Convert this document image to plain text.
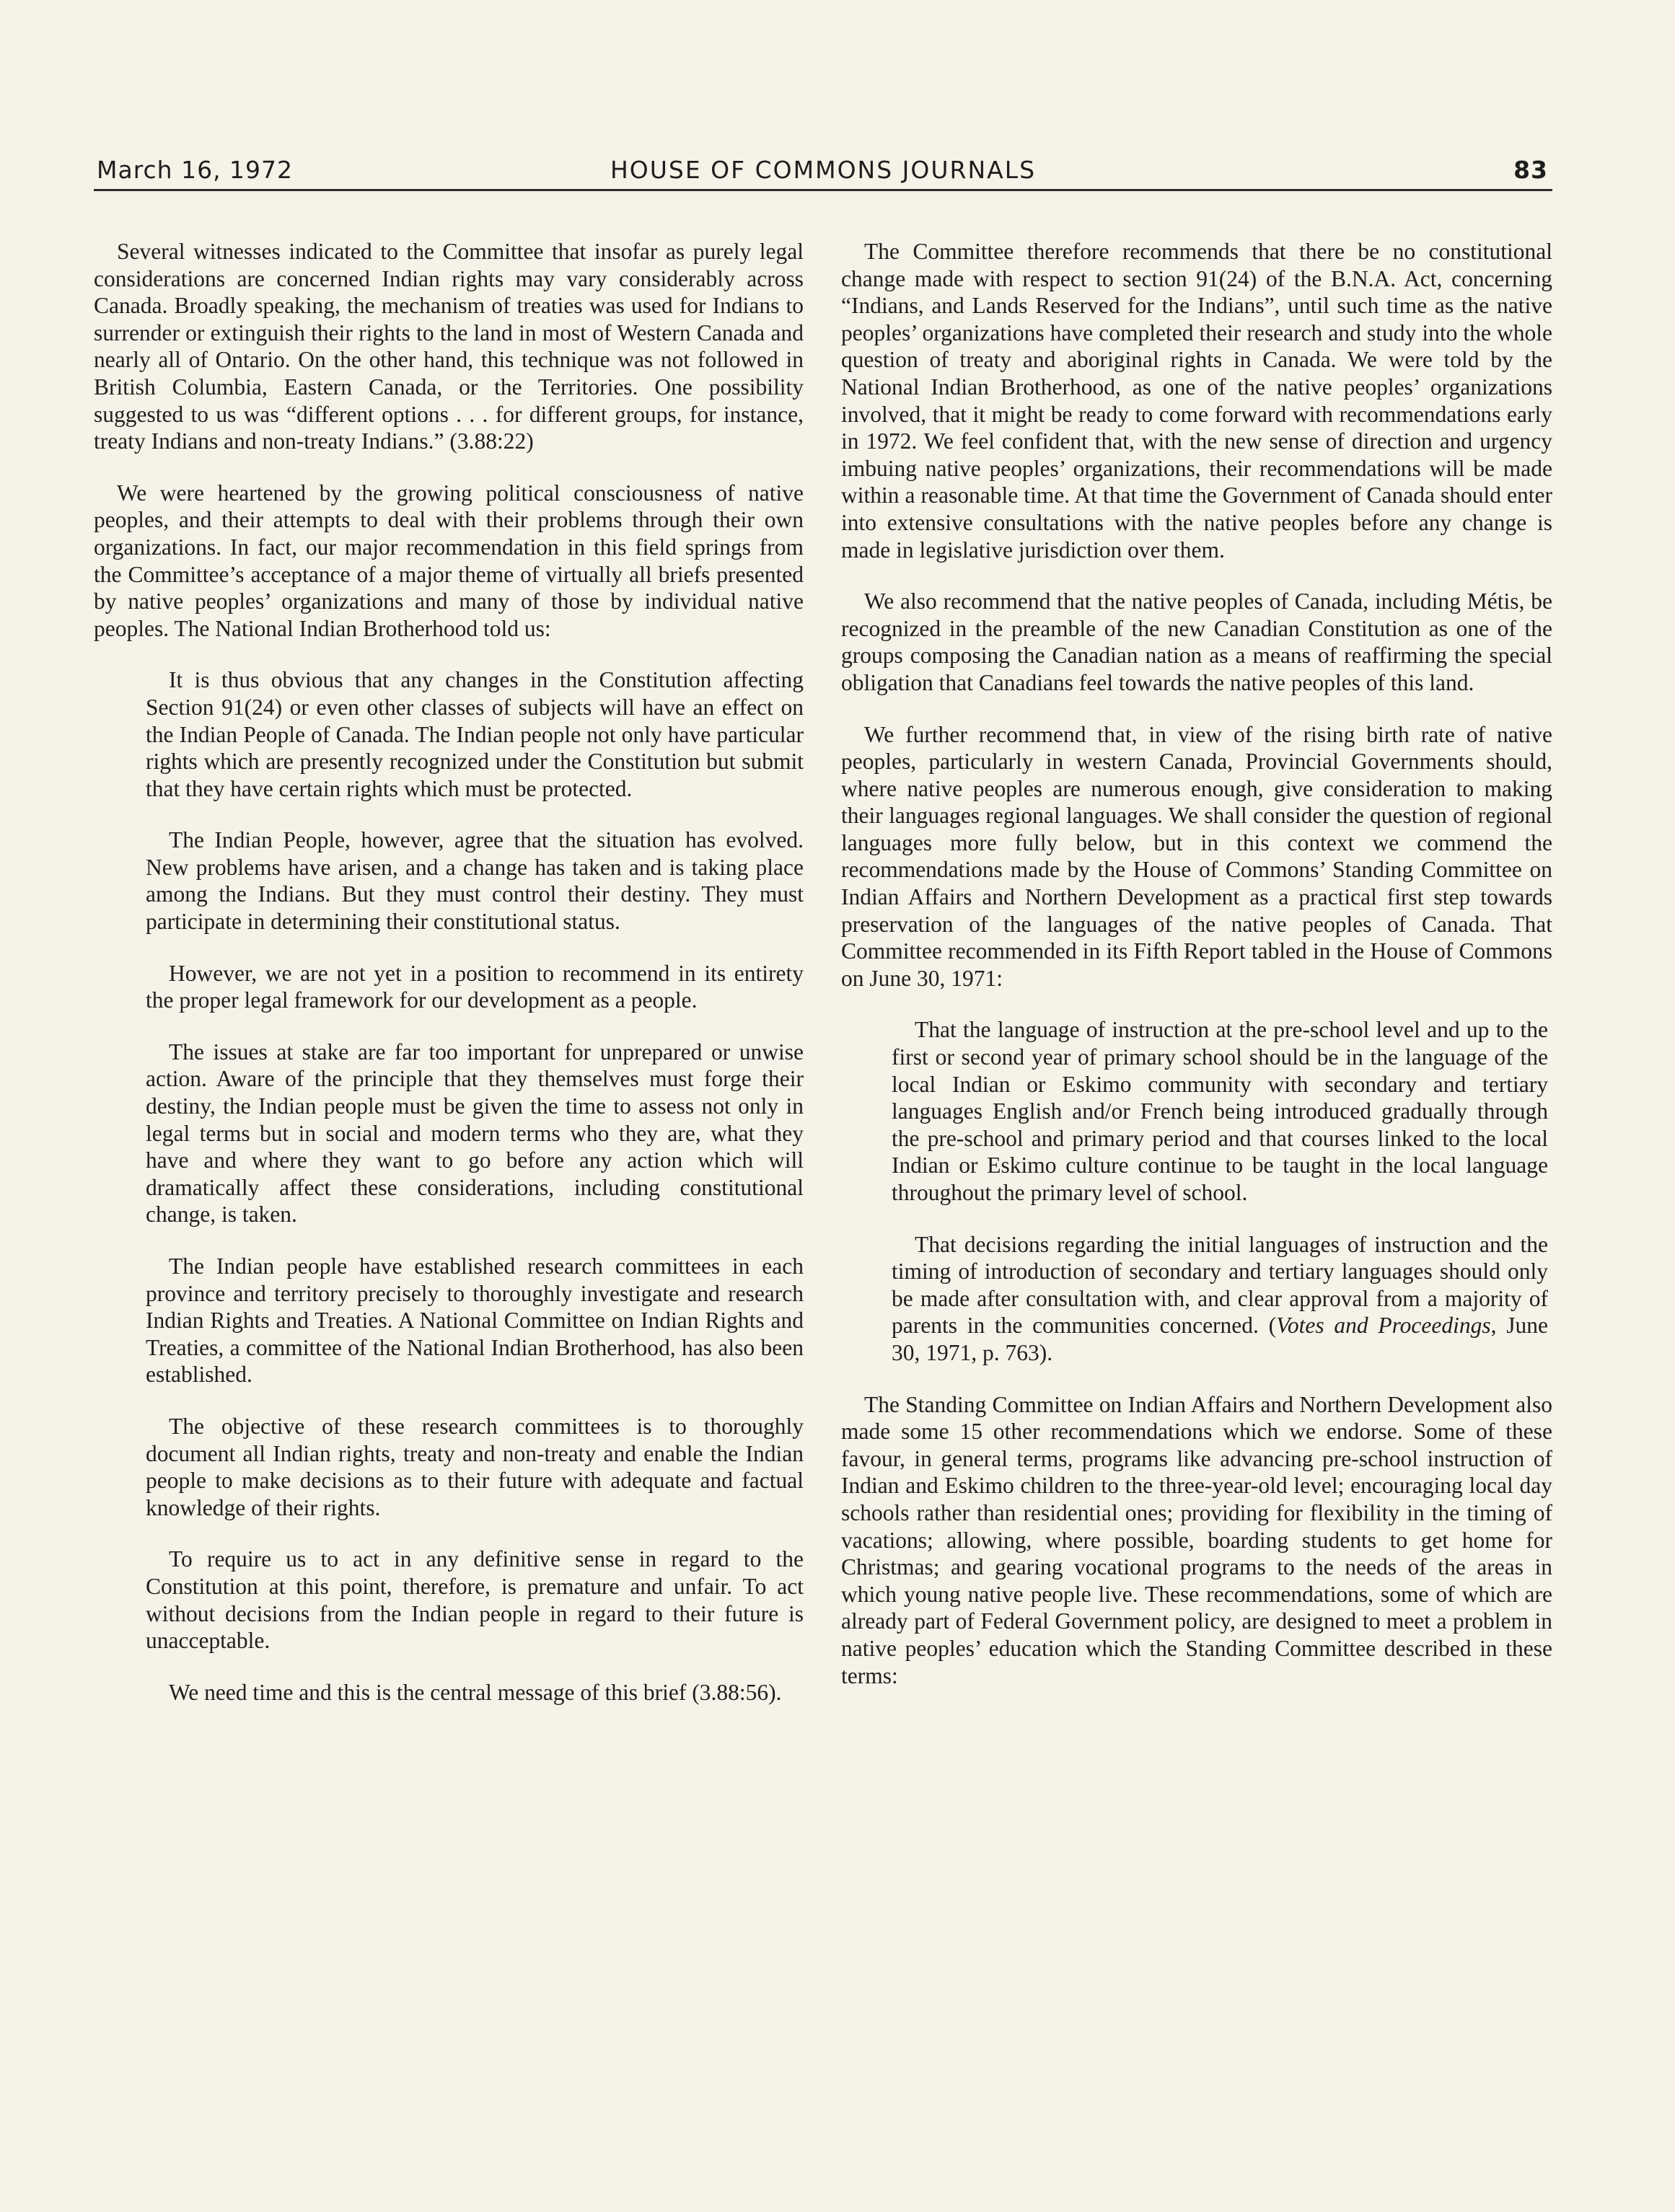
March 16, 1972	HOUSE OF COMMONS JOURNALS	83

Several witnesses indicated to the Committee that insofar as purely legal considerations are concerned Indian rights may vary considerably across Canada. Broadly speaking, the mechanism of treaties was used for Indians to surrender or extinguish their rights to the land in most of Western Canada and nearly all of Ontario. On the other hand, this technique was not followed in British Columbia, Eastern Canada, or the Territories. One possibility suggested to us was “different options . . . for different groups, for instance, treaty Indians and non-treaty Indians.” (3.88:22)

We were heartened by the growing political consciousness of native peoples, and their attempts to deal with their problems through their own organizations. In fact, our major recommendation in this field springs from the Committee’s acceptance of a major theme of virtually all briefs presented by native peoples’ organizations and many of those by individual native peoples. The National Indian Brotherhood told us:

It is thus obvious that any changes in the Constitution affecting Section 91(24) or even other classes of subjects will have an effect on the Indian People of Canada. The Indian people not only have particular rights which are presently recognized under the Constitution but submit that they have certain rights which must be protected.

The Indian People, however, agree that the situation has evolved. New problems have arisen, and a change has taken and is taking place among the Indians. But they must control their destiny. They must participate in determining their constitutional status.

However, we are not yet in a position to recommend in its entirety the proper legal framework for our development as a people.

The issues at stake are far too important for unprepared or unwise action. Aware of the principle that they themselves must forge their destiny, the Indian people must be given the time to assess not only in legal terms but in social and modern terms who they are, what they have and where they want to go before any action which will dramatically affect these considerations, including constitutional change, is taken.

The Indian people have established research committees in each province and territory precisely to thoroughly investigate and research Indian Rights and Treaties. A National Committee on Indian Rights and Treaties, a committee of the National Indian Brotherhood, has also been established.

The objective of these research committees is to thoroughly document all Indian rights, treaty and non-treaty and enable the Indian people to make decisions as to their future with adequate and factual knowledge of their rights.

To require us to act in any definitive sense in regard to the Constitution at this point, therefore, is premature and unfair. To act without decisions from the Indian people in regard to their future is unacceptable.

We need time and this is the central message of this brief (3.88:56).

The Committee therefore recommends that there be no constitutional change made with respect to section 91(24) of the B.N.A. Act, concerning “Indians, and Lands Reserved for the Indians”, until such time as the native peoples’ organizations have completed their research and study into the whole question of treaty and aboriginal rights in Canada. We were told by the National Indian Brotherhood, as one of the native peoples’ organizations involved, that it might be ready to come forward with recommendations early in 1972. We feel confident that, with the new sense of direction and urgency imbuing native peoples’ organizations, their recommendations will be made within a reasonable time. At that time the Government of Canada should enter into extensive consultations with the native peoples before any change is made in legislative jurisdiction over them.

We also recommend that the native peoples of Canada, including Métis, be recognized in the preamble of the new Canadian Constitution as one of the groups composing the Canadian nation as a means of reaffirming the special obligation that Canadians feel towards the native peoples of this land.

We further recommend that, in view of the rising birth rate of native peoples, particularly in western Canada, Provincial Governments should, where native peoples are numerous enough, give consideration to making their languages regional languages. We shall consider the question of regional languages more fully below, but in this context we commend the recommendations made by the House of Commons’ Standing Committee on Indian Affairs and Northern Development as a practical first step towards preservation of the languages of the native peoples of Canada. That Committee recommended in its Fifth Report tabled in the House of Commons on June 30, 1971:

That the language of instruction at the pre-school level and up to the first or second year of primary school should be in the language of the local Indian or Eskimo community with secondary and tertiary languages English and/or French being introduced gradually through the pre-school and primary period and that courses linked to the local Indian or Eskimo culture continue to be taught in the local language throughout the primary level of school.

That decisions regarding the initial languages of instruction and the timing of introduction of secondary and tertiary languages should only be made after consultation with, and clear approval from a majority of parents in the communities concerned. (Votes and Proceedings, June 30, 1971, p. 763).

The Standing Committee on Indian Affairs and Northern Development also made some 15 other recommendations which we endorse. Some of these favour, in general terms, programs like advancing pre-school instruction of Indian and Eskimo children to the three-year-old level; encouraging local day schools rather than residential ones; providing for flexibility in the timing of vacations; allowing, where possible, boarding students to get home for Christmas; and gearing vocational programs to the needs of the areas in which young native people live. These recommendations, some of which are already part of Federal Government policy, are designed to meet a problem in native peoples’ education which the Standing Committee described in these terms:
